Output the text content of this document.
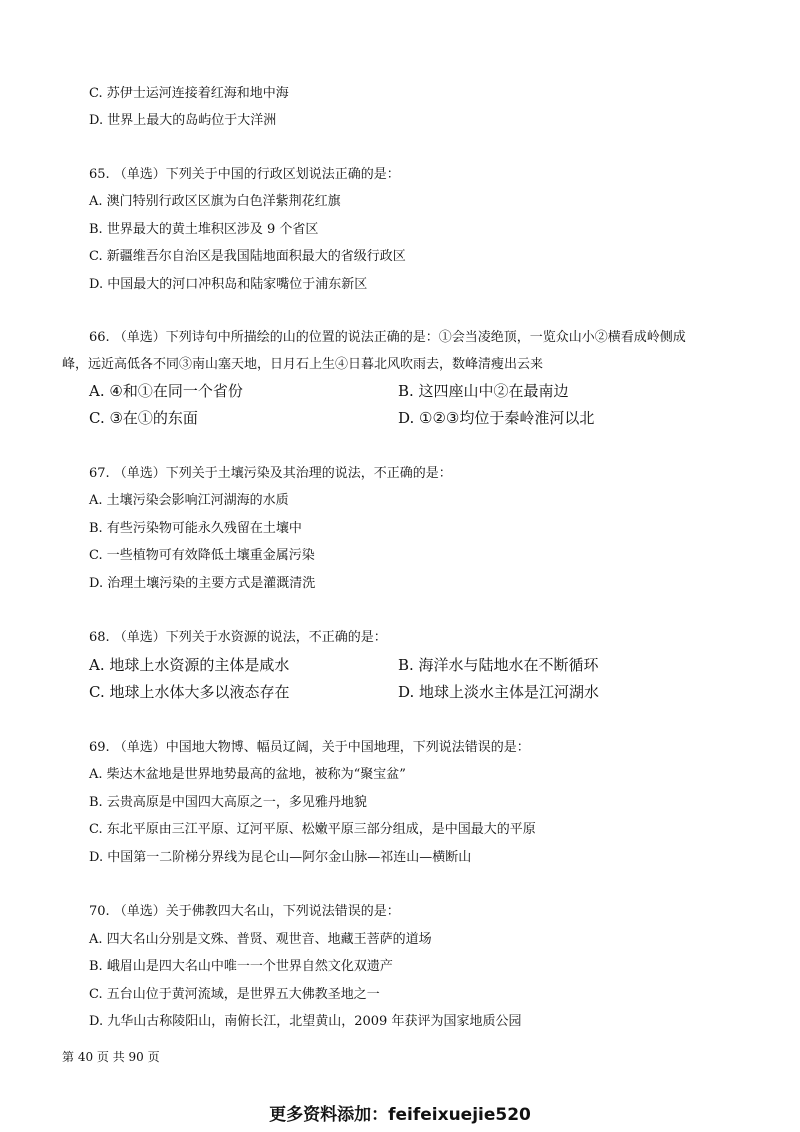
C. 苏伊士运河连接着红海和地中海
D. 世界上最大的岛屿位于大洋洲
65. （单选）下列关于中国的行政区划说法正确的是：
A. 澳门特别行政区区旗为白色洋紫荆花红旗
B. 世界最大的黄土堆积区涉及 9 个省区
C. 新疆维吾尔自治区是我国陆地面积最大的省级行政区
D. 中国最大的河口冲积岛和陆家嘴位于浦东新区
66. （单选）下列诗句中所描绘的山的位置的说法正确的是：①会当凌绝顶，一览众山小②横看成岭侧成
峰，远近高低各不同③南山塞天地，日月石上生④日暮北风吹雨去，数峰清瘦出云来
A. ④和①在同一个省份	B. 这四座山中②在最南边
C. ③在①的东面	D. ①②③均位于秦岭淮河以北
67. （单选）下列关于土壤污染及其治理的说法，不正确的是：
A. 土壤污染会影响江河湖海的水质
B. 有些污染物可能永久残留在土壤中
C. 一些植物可有效降低土壤重金属污染
D. 治理土壤污染的主要方式是灌溉清洗
68. （单选）下列关于水资源的说法，不正确的是：
A. 地球上水资源的主体是咸水	B. 海洋水与陆地水在不断循环
C. 地球上水体大多以液态存在	D. 地球上淡水主体是江河湖水
69. （单选）中国地大物博、幅员辽阔，关于中国地理，下列说法错误的是：
A. 柴达木盆地是世界地势最高的盆地，被称为“聚宝盆”
B. 云贵高原是中国四大高原之一，多见雅丹地貌
C. 东北平原由三江平原、辽河平原、松嫩平原三部分组成，是中国最大的平原
D. 中国第一二阶梯分界线为昆仑山—阿尔金山脉—祁连山—横断山
70. （单选）关于佛教四大名山，下列说法错误的是：
A. 四大名山分别是文殊、普贤、观世音、地藏王菩萨的道场
B. 峨眉山是四大名山中唯一一个世界自然文化双遗产
C. 五台山位于黄河流域，是世界五大佛教圣地之一
D. 九华山古称陵阳山，南俯长江，北望黄山，2009 年获评为国家地质公园
第 40 页 共 90 页
更多资料添加：feifeixuejie520
